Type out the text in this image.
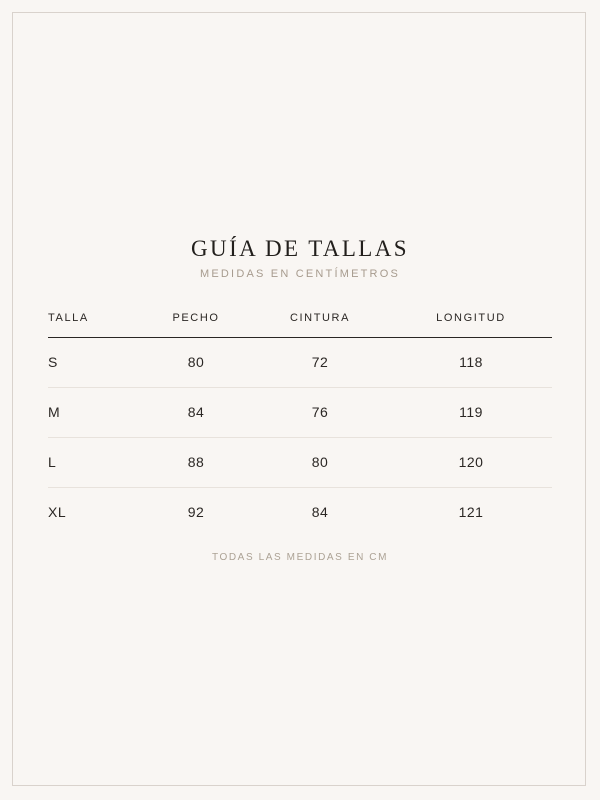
GUÍA DE TALLAS

MEDIDAS EN CENTÍMETROS

TALLA	PECHO	CINTURA	LONGITUD
S	80	72	118
M	84	76	119
L	88	80	120
XL	92	84	121

TODAS LAS MEDIDAS EN CM
